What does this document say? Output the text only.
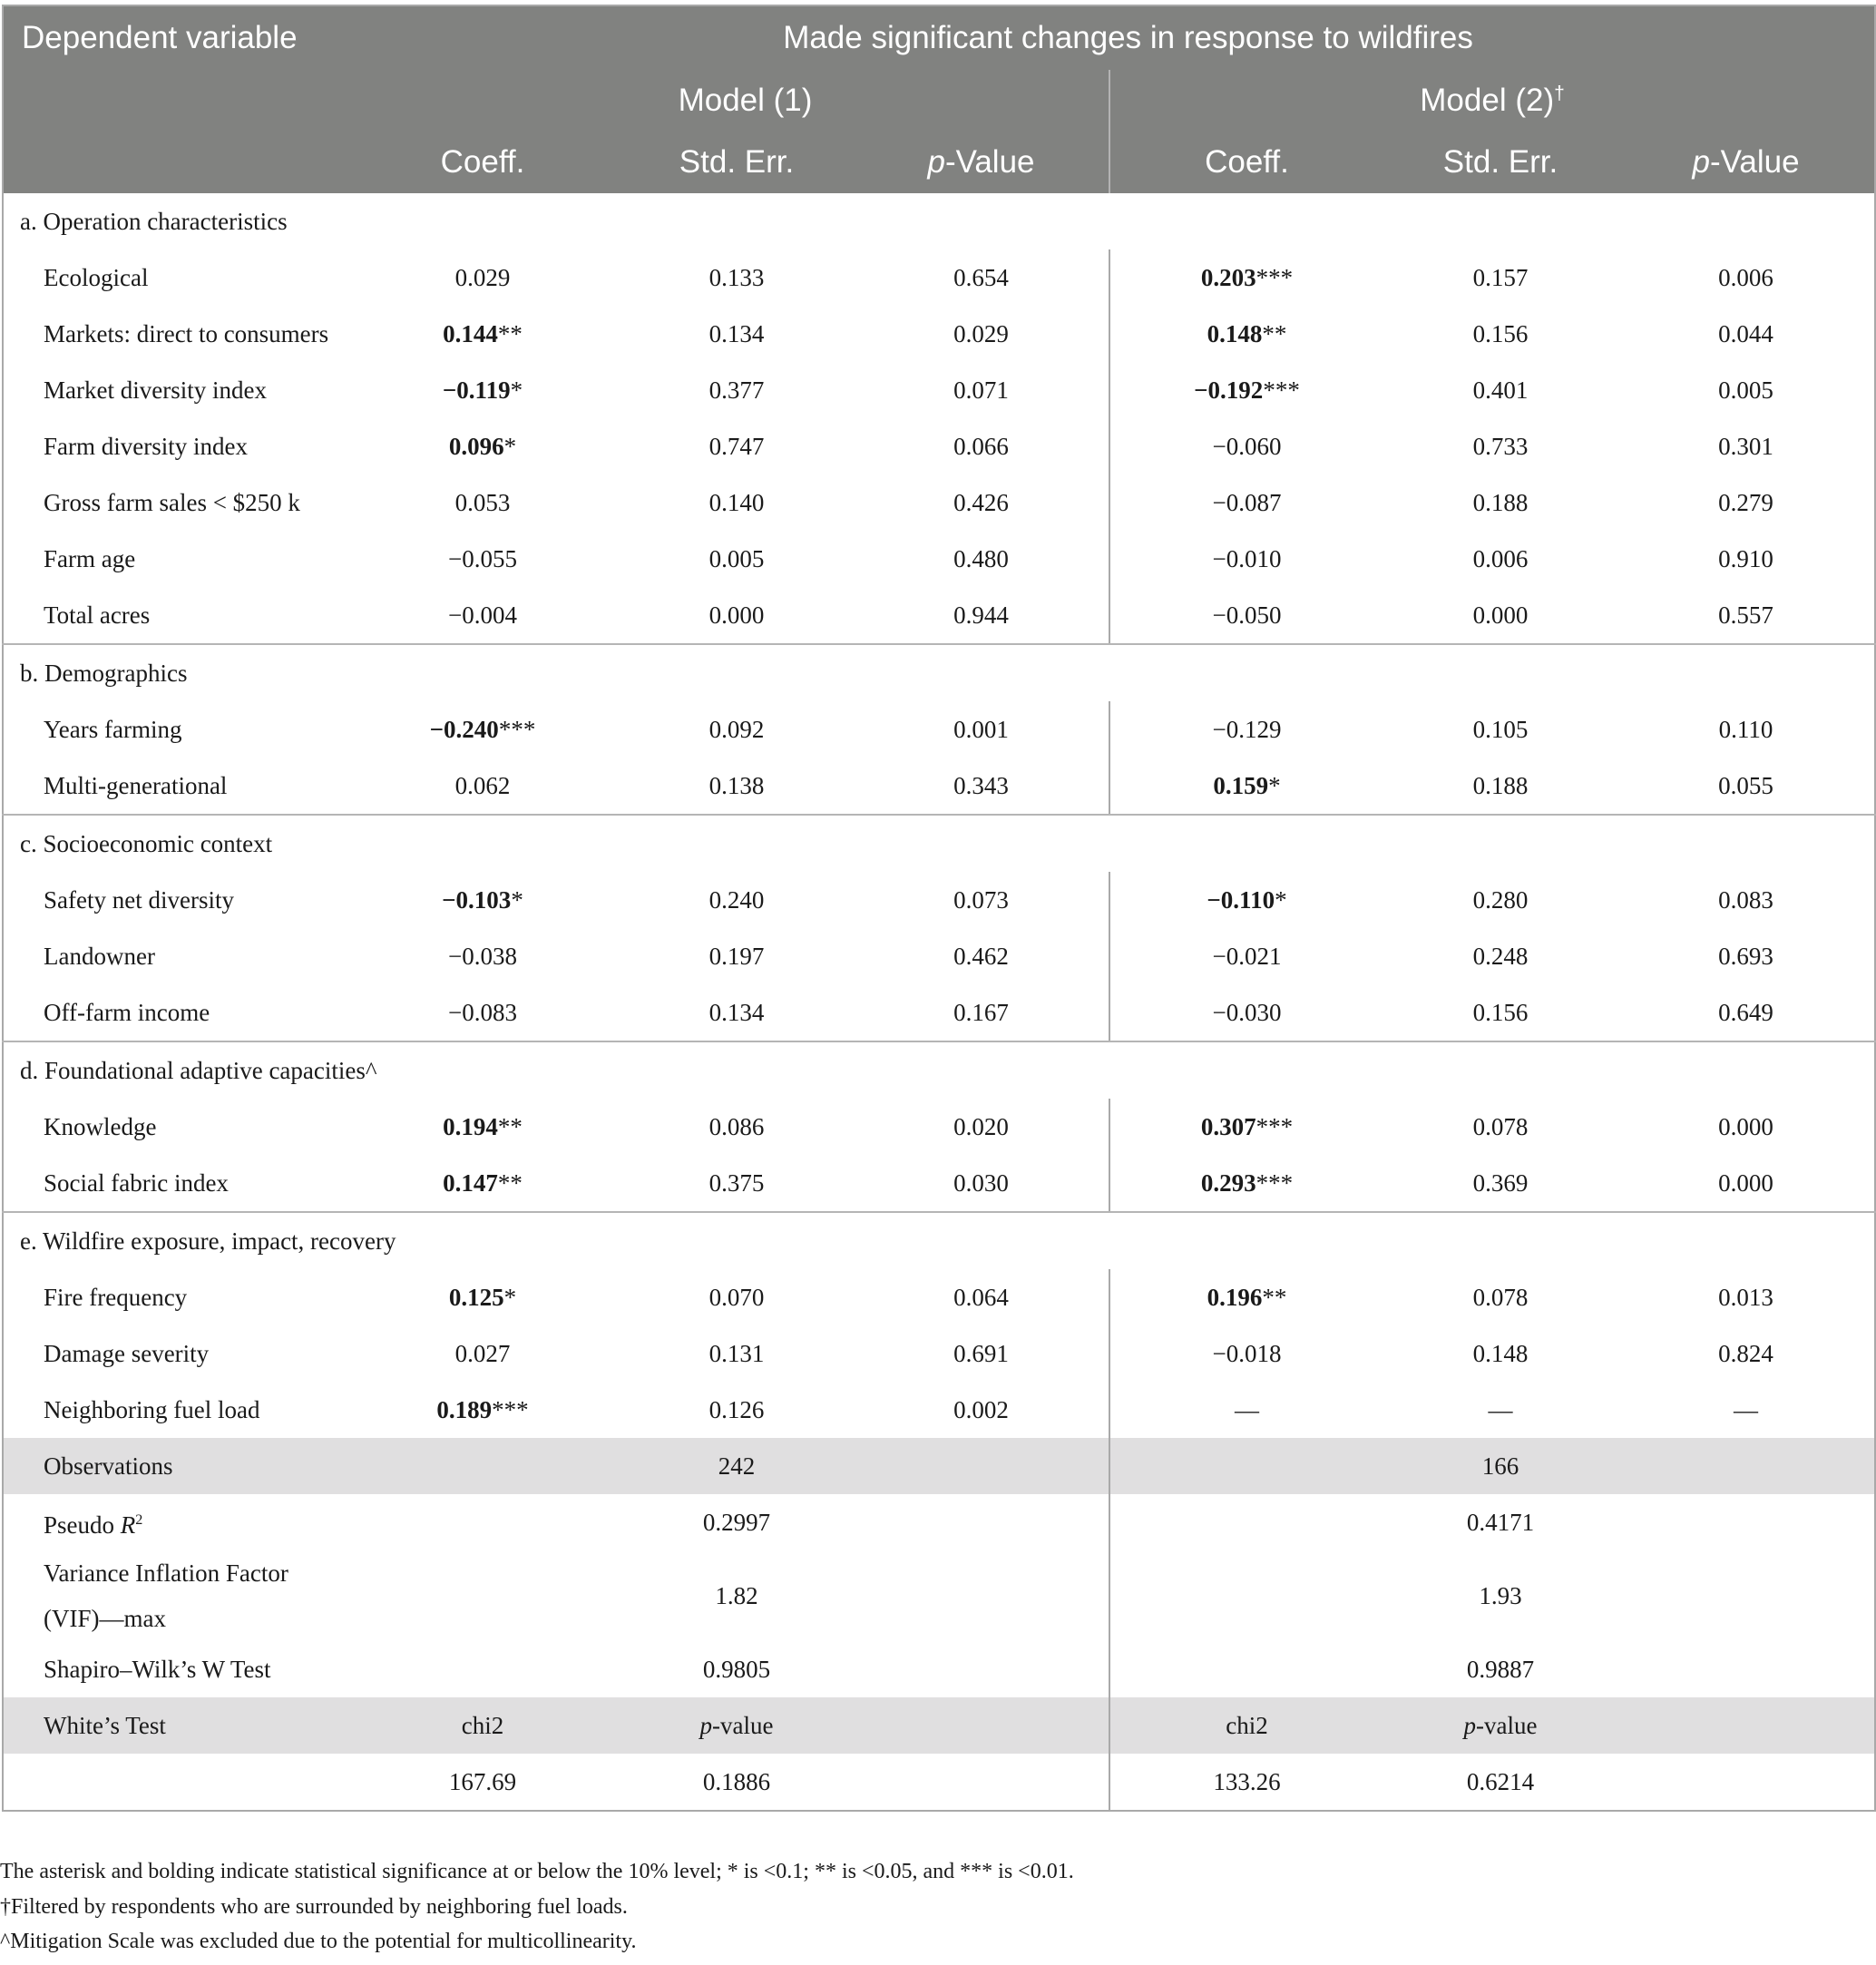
Dependent variable	Made significant changes in response to wildfires					
	Model (1)			Model (2)†
	Coeff.	Std. Err.	p-Value	Coeff.	Std. Err.	p-Value
a. Operation characteristics						
Ecological	0.029	0.133	0.654	0.203***	0.157	0.006
Markets: direct to consumers	0.144**	0.134	0.029	0.148**	0.156	0.044
Market diversity index	−0.119*	0.377	0.071	−0.192***	0.401	0.005
Farm diversity index	0.096*	0.747	0.066	−0.060	0.733	0.301
Gross farm sales < $250 k	0.053	0.140	0.426	−0.087	0.188	0.279
Farm age	−0.055	0.005	0.480	−0.010	0.006	0.910
Total acres	−0.004	0.000	0.944	−0.050	0.000	0.557
b. Demographics						
Years farming	−0.240***	0.092	0.001	−0.129	0.105	0.110
Multi-generational	0.062	0.138	0.343	0.159*	0.188	0.055
c. Socioeconomic context						
Safety net diversity	−0.103*	0.240	0.073	−0.110*	0.280	0.083
Landowner	−0.038	0.197	0.462	−0.021	0.248	0.693
Off-farm income	−0.083	0.134	0.167	−0.030	0.156	0.649
d. Foundational adaptive capacities^						
Knowledge	0.194**	0.086	0.020	0.307***	0.078	0.000
Social fabric index	0.147**	0.375	0.030	0.293***	0.369	0.000
e. Wildfire exposure, impact, recovery						
Fire frequency	0.125*	0.070	0.064	0.196**	0.078	0.013
Damage severity	0.027	0.131	0.691	−0.018	0.148	0.824
Neighboring fuel load	0.189***	0.126	0.002	—	—	—
Observations		242			166	
Pseudo $R^2$		0.2997			0.4171	
Variance Inflation Factor (VIF)—max		1.82			1.93	
Shapiro–Wilk’s W Test		0.9805			0.9887	
White’s Test	chi2	p-value		chi2	p-value	
	167.69	0.1886		133.26	0.6214	
The asterisk and bolding indicate statistical significance at or below the 10% level; * is <0.1; ** is <0.05, and *** is <0.01.
†Filtered by respondents who are surrounded by neighboring fuel loads.
^Mitigation Scale was excluded due to the potential for multicollinearity.
